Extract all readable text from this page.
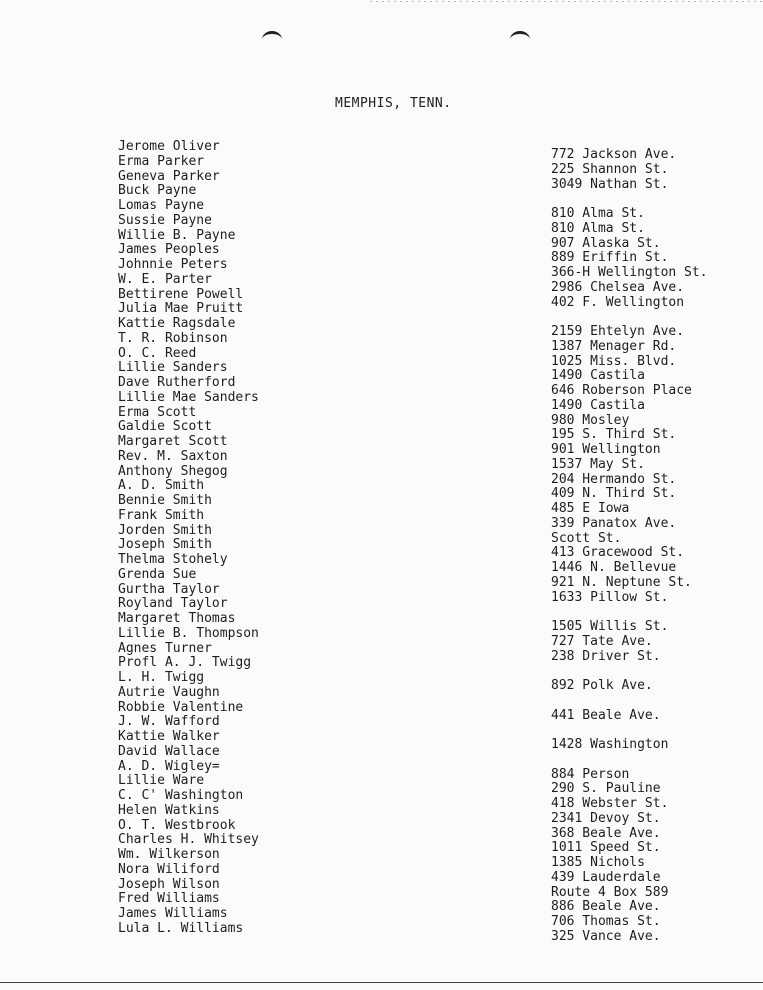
MEMPHIS, TENN.
Jerome Oliver
Erma Parker
Geneva Parker
Buck Payne
Lomas Payne
Sussie Payne
Willie B. Payne
James Peoples
Johnnie Peters
W. E. Parter
Bettirene Powell
Julia Mae Pruitt
Kattie Ragsdale
T. R. Robinson
O. C. Reed
Lillie Sanders
Dave Rutherford
Lillie Mae Sanders
Erma Scott
Galdie Scott
Margaret Scott
Rev. M. Saxton
Anthony Shegog
A. D. Smith
Bennie Smith
Frank Smith
Jorden Smith
Joseph Smith
Thelma Stohely
Grenda Sue
Gurtha Taylor
Royland Taylor
Margaret Thomas
Lillie B. Thompson
Agnes Turner
Profl A. J. Twigg
L. H. Twigg
Autrie Vaughn
Robbie Valentine
J. W. Wafford
Kattie Walker
David Wallace
A. D. Wigley=
Lillie Ware
C. C' Washington
Helen Watkins
O. T. Westbrook
Charles H. Whitsey
Wm. Wilkerson
Nora Wiliford
Joseph Wilson
Fred Williams
James Williams
Lula L. Williams
772 Jackson Ave.
225 Shannon St.
3049 Nathan St.
810 Alma St.
810 Alma St.
907 Alaska St.
889 Eriffin St.
366-H Wellington St.
2986 Chelsea Ave.
402 F. Wellington
2159 Ehtelyn Ave.
1387 Menager Rd.
1025 Miss. Blvd.
1490 Castila
646 Roberson Place
1490 Castila
980 Mosley
195 S. Third St.
901 Wellington
1537 May St.
204 Hermando St.
409 N. Third St.
485 E Iowa
339 Panatox Ave.
Scott St.
413 Gracewood St.
1446 N. Bellevue
921 N. Neptune St.
1633 Pillow St.
1505 Willis St.
727 Tate Ave.
238 Driver St.
892 Polk Ave.
441 Beale Ave.
1428 Washington
884 Person
290 S. Pauline
418 Webster St.
2341 Devoy St.
368 Beale Ave.
1011 Speed St.
1385 Nichols
439 Lauderdale
Route 4 Box 589
886 Beale Ave.
706 Thomas St.
325 Vance Ave.
